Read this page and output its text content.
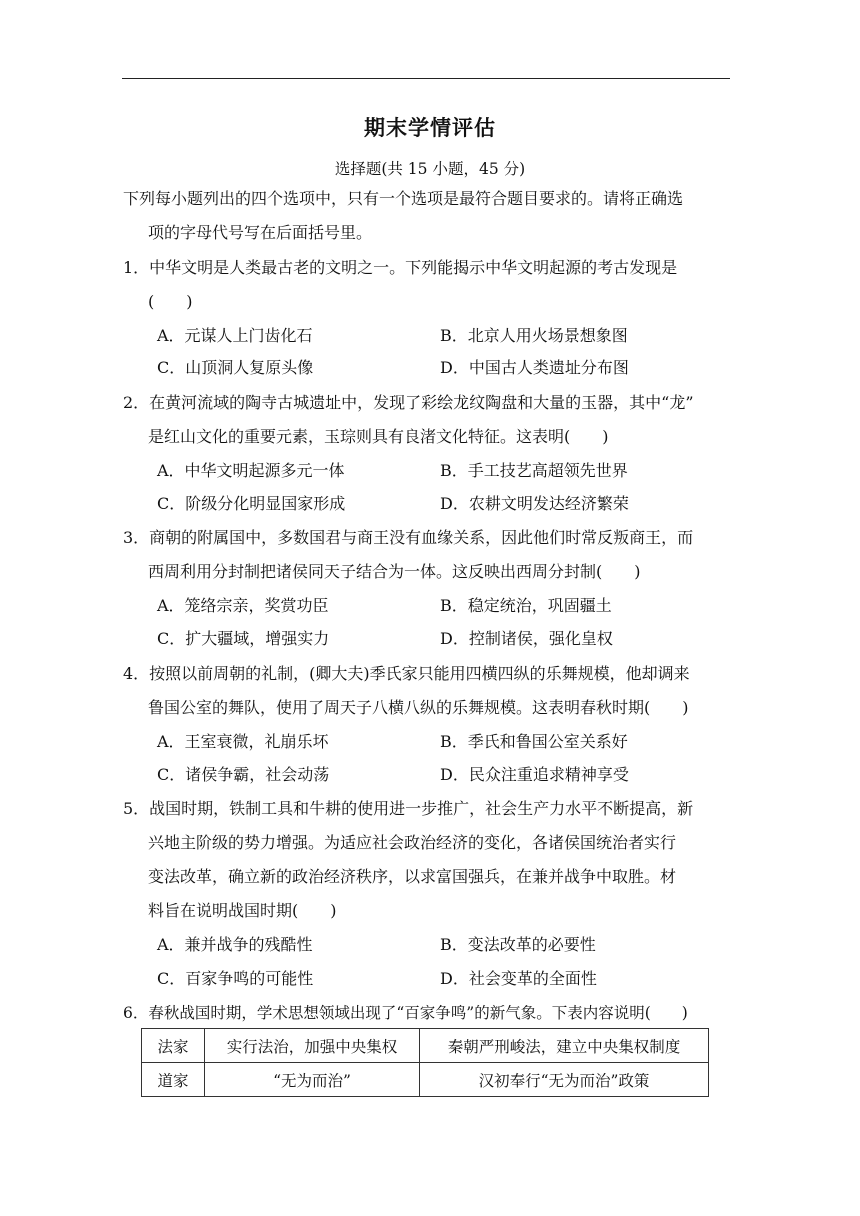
期末学情评估
选择题(共 15 小题，45 分)
下列每小题列出的四个选项中，只有一个选项是最符合题目要求的。请将正确选
项的字母代号写在后面括号里。
1．中华文明是人类最古老的文明之一。下列能揭示中华文明起源的考古发现是
(　　)
A．元谋人上门齿化石	B．北京人用火场景想象图
C．山顶洞人复原头像	D．中国古人类遗址分布图
2．在黄河流域的陶寺古城遗址中，发现了彩绘龙纹陶盘和大量的玉器，其中“龙”
是红山文化的重要元素，玉琮则具有良渚文化特征。这表明(　　)
A．中华文明起源多元一体	B．手工技艺高超领先世界
C．阶级分化明显国家形成	D．农耕文明发达经济繁荣
3．商朝的附属国中，多数国君与商王没有血缘关系，因此他们时常反叛商王，而
西周利用分封制把诸侯同天子结合为一体。这反映出西周分封制(　　)
A．笼络宗亲，奖赏功臣	B．稳定统治，巩固疆土
C．扩大疆域，增强实力	D．控制诸侯，强化皇权
4．按照以前周朝的礼制，(卿大夫)季氏家只能用四横四纵的乐舞规模，他却调来
鲁国公室的舞队，使用了周天子八横八纵的乐舞规模。这表明春秋时期(　　)
A．王室衰微，礼崩乐坏	B．季氏和鲁国公室关系好
C．诸侯争霸，社会动荡	D．民众注重追求精神享受
5．战国时期，铁制工具和牛耕的使用进一步推广，社会生产力水平不断提高，新
兴地主阶级的势力增强。为适应社会政治经济的变化，各诸侯国统治者实行
变法改革，确立新的政治经济秩序，以求富国强兵，在兼并战争中取胜。材
料旨在说明战国时期(　　)
A．兼并战争的残酷性	B．变法改革的必要性
C．百家争鸣的可能性	D．社会变革的全面性
6．春秋战国时期，学术思想领域出现了“百家争鸣”的新气象。下表内容说明(　　)
法家	实行法治，加强中央集权	秦朝严刑峻法，建立中央集权制度
道家	“无为而治”	汉初奉行“无为而治”政策
